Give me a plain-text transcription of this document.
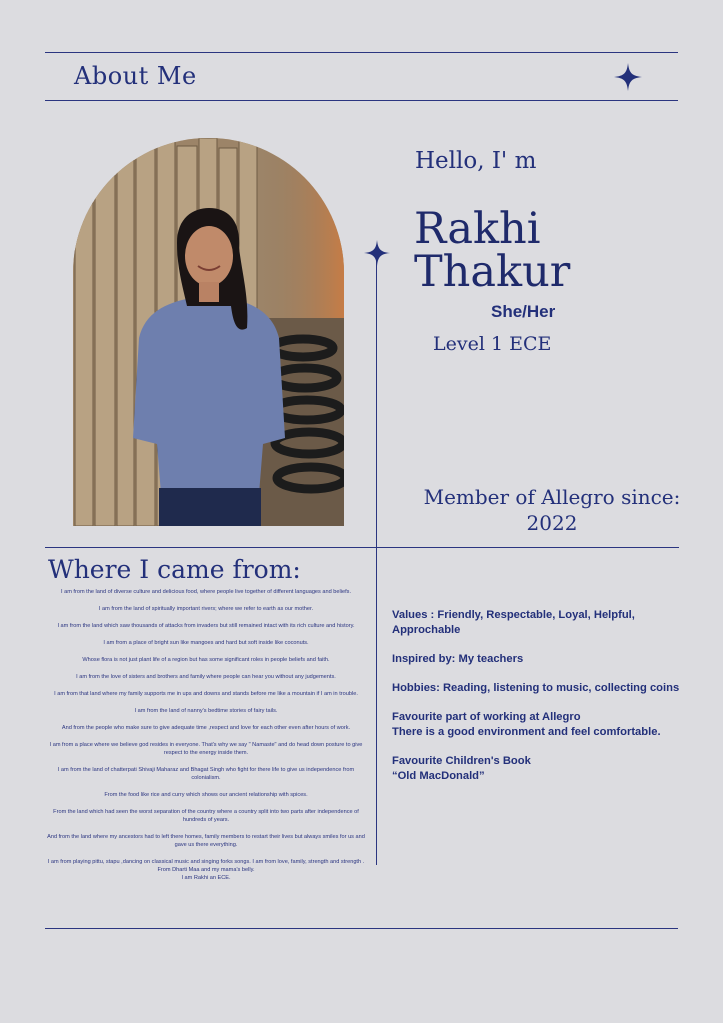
About Me
Hello, I' m
Rakhi
Thakur
She/Her
Level 1 ECE
Member of Allegro since:
2022
Where I came from:

I am from the land of diverse culture and delicious food, where people live together of different languages and beliefs.

I am from the land of spiritually important rivers; where we refer to earth as our mother.

I am from the land which saw thousands of attacks from invaders but still remained intact with its rich culture and history.

I am from a place of bright sun like mangoes and hard but soft inside like coconuts.

Whose flora is not just plant life of a region but has some significant roles in people beliefs and faith.

I am from the love of sisters and brothers and family where people can hear you without any judgements.

I am from that land where my family supports me in ups and downs and stands before me like a mountain if I am in trouble.

I am from the land of nanny's bedtime stories of fairy tails.

And from the people who make sure to give adequate time ,respect and love for each other even after hours of work.

I am from a place where we believe god resides in everyone. That's why we say " Namaste" and do head down posture to give respect to the energy inside them.

I am from the land of chatterpati Shivaji Maharaz and Bhagat Singh who fight for there life to give us independence from colonialism.

From the food like rice and curry which shows our ancient relationship with spices.

From the land which had seen the worst separation of the country where a country split into two parts after independence of hundreds of years.

And from the land where my ancestors had to left there homes, family members to restart their lives but always smiles for us and gave us there everything.

I am from playing pittu, stapu ,dancing on classical music and singing forks songs. I am from love, family, strength and strength . From Dharti Maa and my mama's belly.
I am Rakhi an ECE.

Values : Friendly, Respectable, Loyal, Helpful, Approchable

Inspired by: My teachers

Hobbies: Reading, listening to music, collecting coins

Favourite part of working at Allegro
There is a good environment and feel comfortable.

Favourite Children's Book
“Old MacDonald”
